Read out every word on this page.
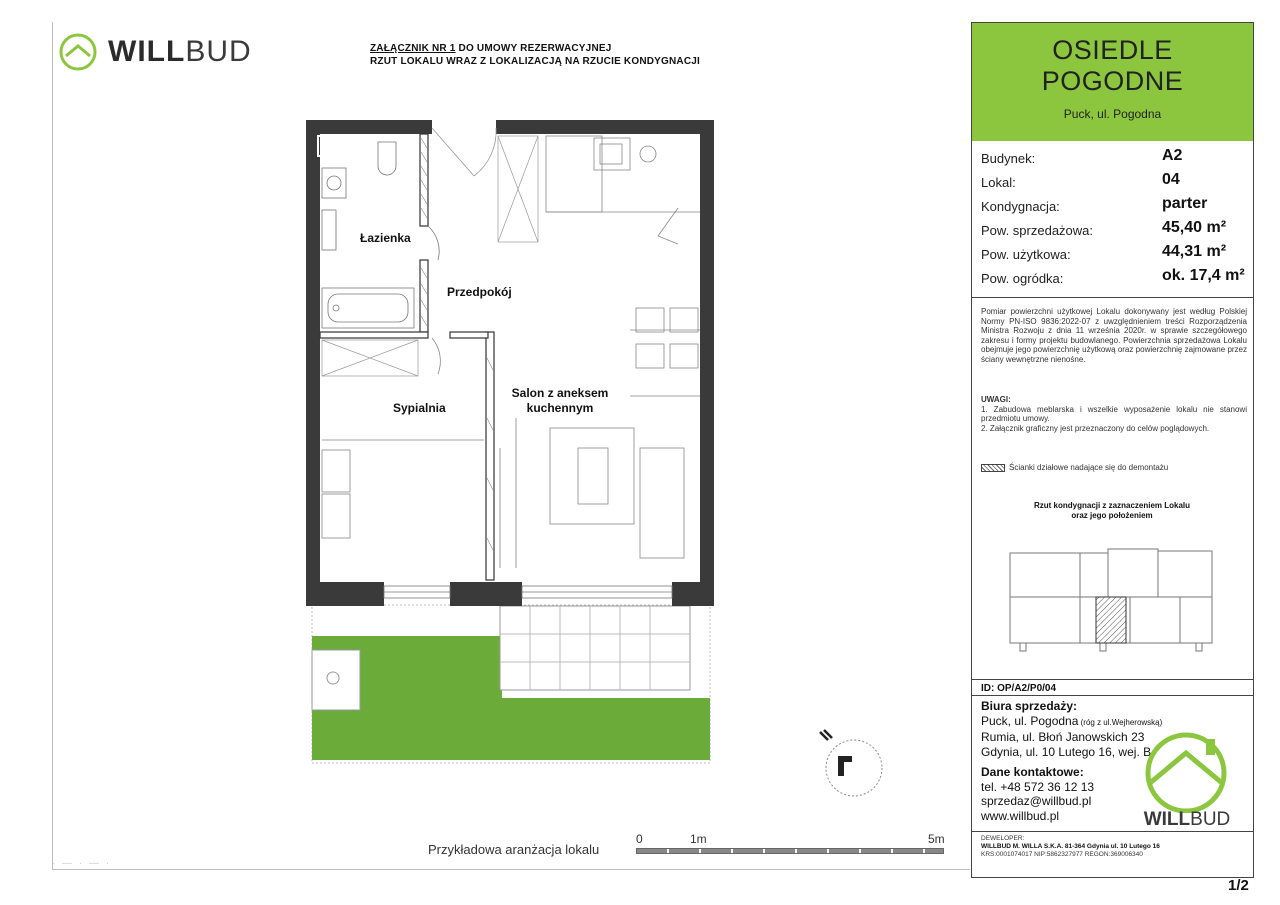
WILLBUD	ZAŁĄCZNIK NR 1 DO UMOWY REZERWACYJNEJ
RZUT LOKALU WRAZ Z LOKALIZACJĄ NA RZUCIE KONDYGNACJI
Łazienka
Przedpokój
Sypialnia
Salon z aneksem
kuchennym
Przykładowa aranżacja lokalu
0	1m	5m
· — · — ·
OSIEDLE
POGODNE
Puck, ul. Pogodna
Budynek:	A2
Lokal:	04
Kondygnacja:	parter
Pow. sprzedażowa:	45,40 m²
Pow. użytkowa:	44,31 m²
Pow. ogródka:	ok. 17,4 m²
Pomiar powierzchni użytkowej Lokalu dokonywany jest według Polskiej Normy PN-ISO 9836:2022-07 z uwzględnieniem treści Rozporządzenia Ministra Rozwoju z dnia 11 września 2020r. w sprawie szczegółowego zakresu i formy projektu budowlanego. Powierzchnia sprzedażowa Lokalu obejmuje jego powierzchnię użytkową oraz powierzchnię zajmowane przez ściany wewnętrzne nienośne.
UWAGI:
1. Zabudowa meblarska i wszelkie wyposażenie lokalu nie stanowi przedmiotu umowy.
2. Załącznik graficzny jest przeznaczony do celów poglądowych.
Ścianki działowe nadające się do demontażu
Rzut kondygnacji z zaznaczeniem Lokalu
oraz jego położeniem
ID: OP/A2/P0/04
Biura sprzedaży:
Puck, ul. Pogodna (róg z ul.Wejherowską)
Rumia, ul. Błoń Janowskich 23
Gdynia, ul. 10 Lutego 16, wej. B
Dane kontaktowe:
tel. +48 572 36 12 13
sprzedaz@willbud.pl
www.willbud.pl	WILLBUD
DEWELOPER:
WILLBUD M. WILLA S.K.A. 81-364 Gdynia ul. 10 Lutego 16
KRS:0001074017 NIP:5862327977 REGON:369006340
1/2
